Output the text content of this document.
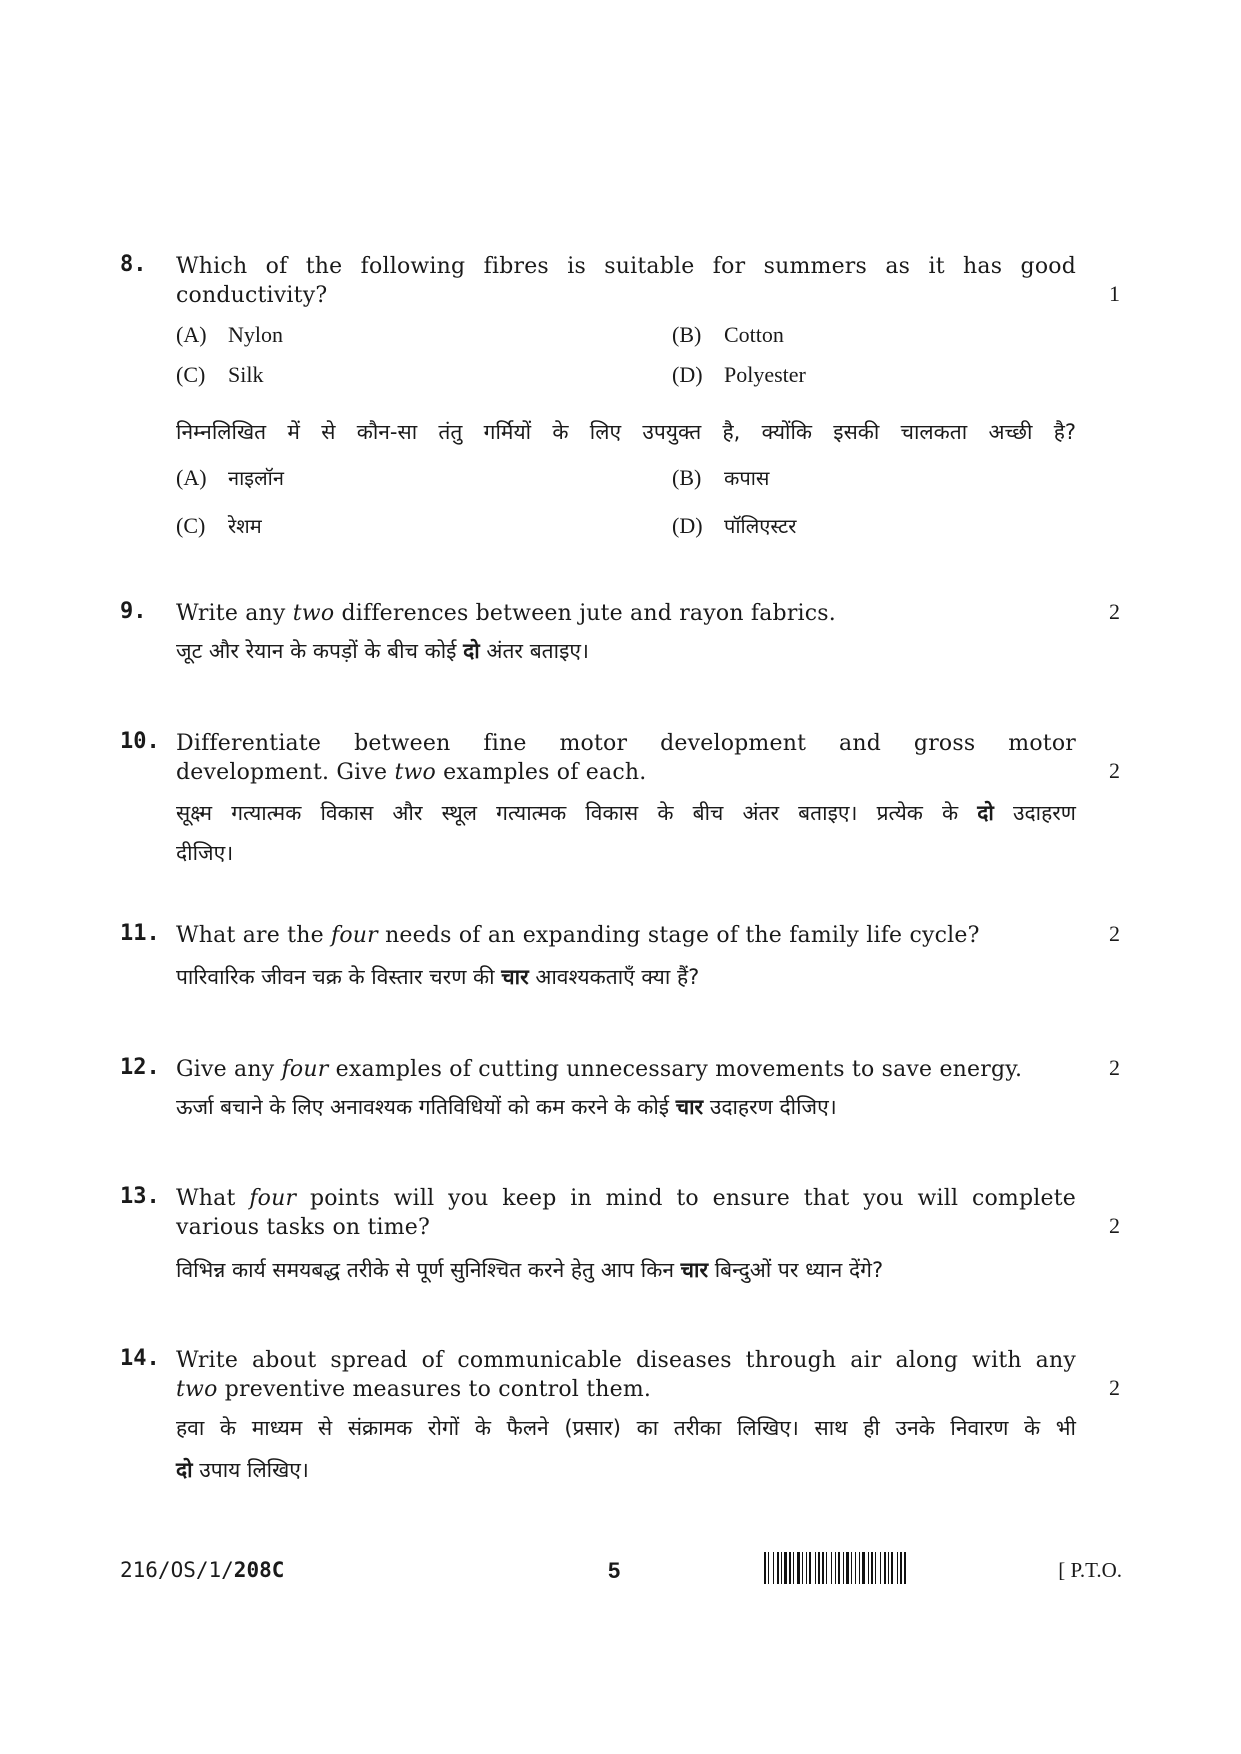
8. Which of the following fibres is suitable for summers as it has good
conductivity?	1
(A) Nylon	(B) Cotton
(C) Silk	(D) Polyester
निम्नलिखित में से कौन-सा तंतु गर्मियों के लिए उपयुक्त है, क्योंकि इसकी चालकता अच्छी है?
(A) नाइलॉन	(B) कपास
(C) रेशम	(D) पॉलिएस्टर
9. Write any two differences between jute and rayon fabrics.	2
जूट और रेयान के कपड़ों के बीच कोई दो अंतर बताइए।
10. Differentiate between fine motor development and gross motor
development. Give two examples of each.	2
सूक्ष्म गत्यात्मक विकास और स्थूल गत्यात्मक विकास के बीच अंतर बताइए। प्रत्येक के दो उदाहरण
दीजिए।
11. What are the four needs of an expanding stage of the family life cycle?	2
पारिवारिक जीवन चक्र के विस्तार चरण की चार आवश्यकताएँ क्या हैं?
12. Give any four examples of cutting unnecessary movements to save energy.	2
ऊर्जा बचाने के लिए अनावश्यक गतिविधियों को कम करने के कोई चार उदाहरण दीजिए।
13. What four points will you keep in mind to ensure that you will complete
various tasks on time?	2
विभिन्न कार्य समयबद्ध तरीके से पूर्ण सुनिश्चित करने हेतु आप किन चार बिन्दुओं पर ध्यान देंगे?
14. Write about spread of communicable diseases through air along with any
two preventive measures to control them.	2
हवा के माध्यम से संक्रामक रोगों के फैलने (प्रसार) का तरीका लिखिए। साथ ही उनके निवारण के भी
दो उपाय लिखिए।
216/OS/1/208C	5	[ P.T.O.
